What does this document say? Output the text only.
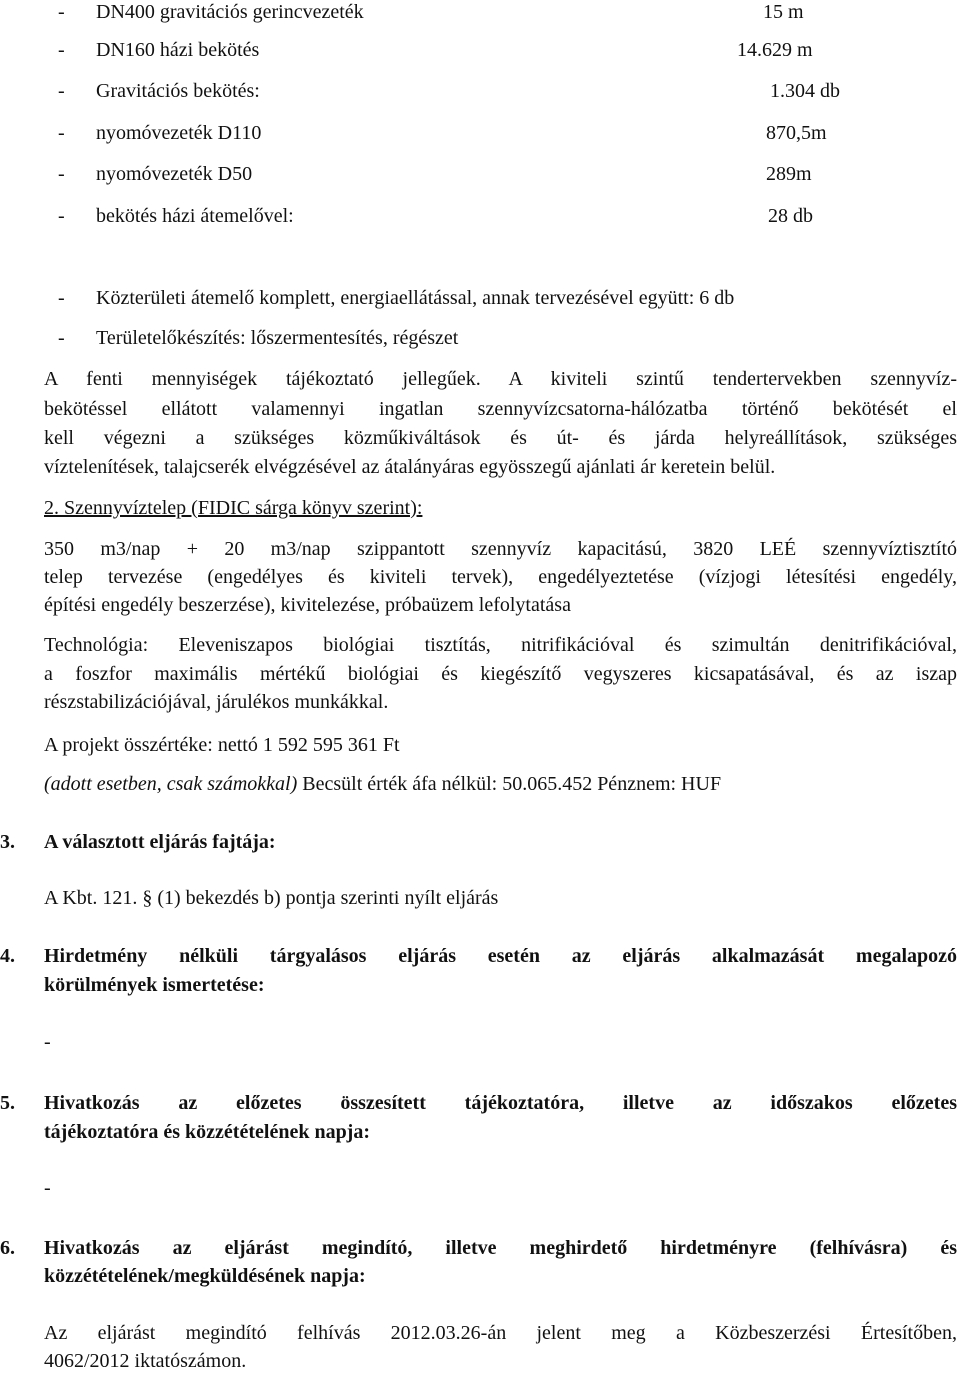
- DN400 gravitációs gerincvezeték	15 m
- DN160 házi bekötés	14.629 m
- Gravitációs bekötés:	1.304 db
- nyomóvezeték D110	870,5m
- nyomóvezeték D50	289m
- bekötés házi átemelővel:	28 db
- Közterületi átemelő komplett, energiaellátással, annak tervezésével együtt: 6 db
- Területelőkészítés: lőszermentesítés, régészet
A fenti mennyiségek tájékoztató jellegűek. A kiviteli szintű tendertervekben szennyvíz-
bekötéssel ellátott valamennyi ingatlan szennyvízcsatorna-hálózatba történő bekötését el
kell végezni a szükséges közműkiváltások és út- és járda helyreállítások, szükséges
víztelenítések, talajcserék elvégzésével az átalányáras egyösszegű ajánlati ár keretein belül.
2. Szennyvíztelep (FIDIC sárga könyv szerint):
350 m3/nap + 20 m3/nap szippantott szennyvíz kapacitású, 3820 LEÉ szennyvíztisztító
telep tervezése (engedélyes és kiviteli tervek), engedélyeztetése (vízjogi létesítési engedély,
építési engedély beszerzése), kivitelezése, próbaüzem lefolytatása
Technológia: Eleveniszapos biológiai tisztítás, nitrifikációval és szimultán denitrifikációval,
a foszfor maximális mértékű biológiai és kiegészítő vegyszeres kicsapatásával, és az iszap
részstabilizációjával, járulékos munkákkal.
A projekt összértéke: nettó 1 592 595 361 Ft
(adott esetben, csak számokkal) Becsült érték áfa nélkül: 50.065.452 Pénznem: HUF
3. A választott eljárás fajtája:
A Kbt. 121. § (1) bekezdés b) pontja szerinti nyílt eljárás
4. Hirdetmény nélküli tárgyalásos eljárás esetén az eljárás alkalmazását megalapozó
körülmények ismertetése:
-
5. Hivatkozás az előzetes összesített tájékoztatóra, illetve az időszakos előzetes
tájékoztatóra és közzétételének napja:
-
6. Hivatkozás az eljárást megindító, illetve meghirdető hirdetményre (felhívásra) és
közzétételének/megküldésének napja:
Az eljárást megindító felhívás 2012.03.26-án jelent meg a Közbeszerzési Értesítőben,
4062/2012 iktatószámon.
